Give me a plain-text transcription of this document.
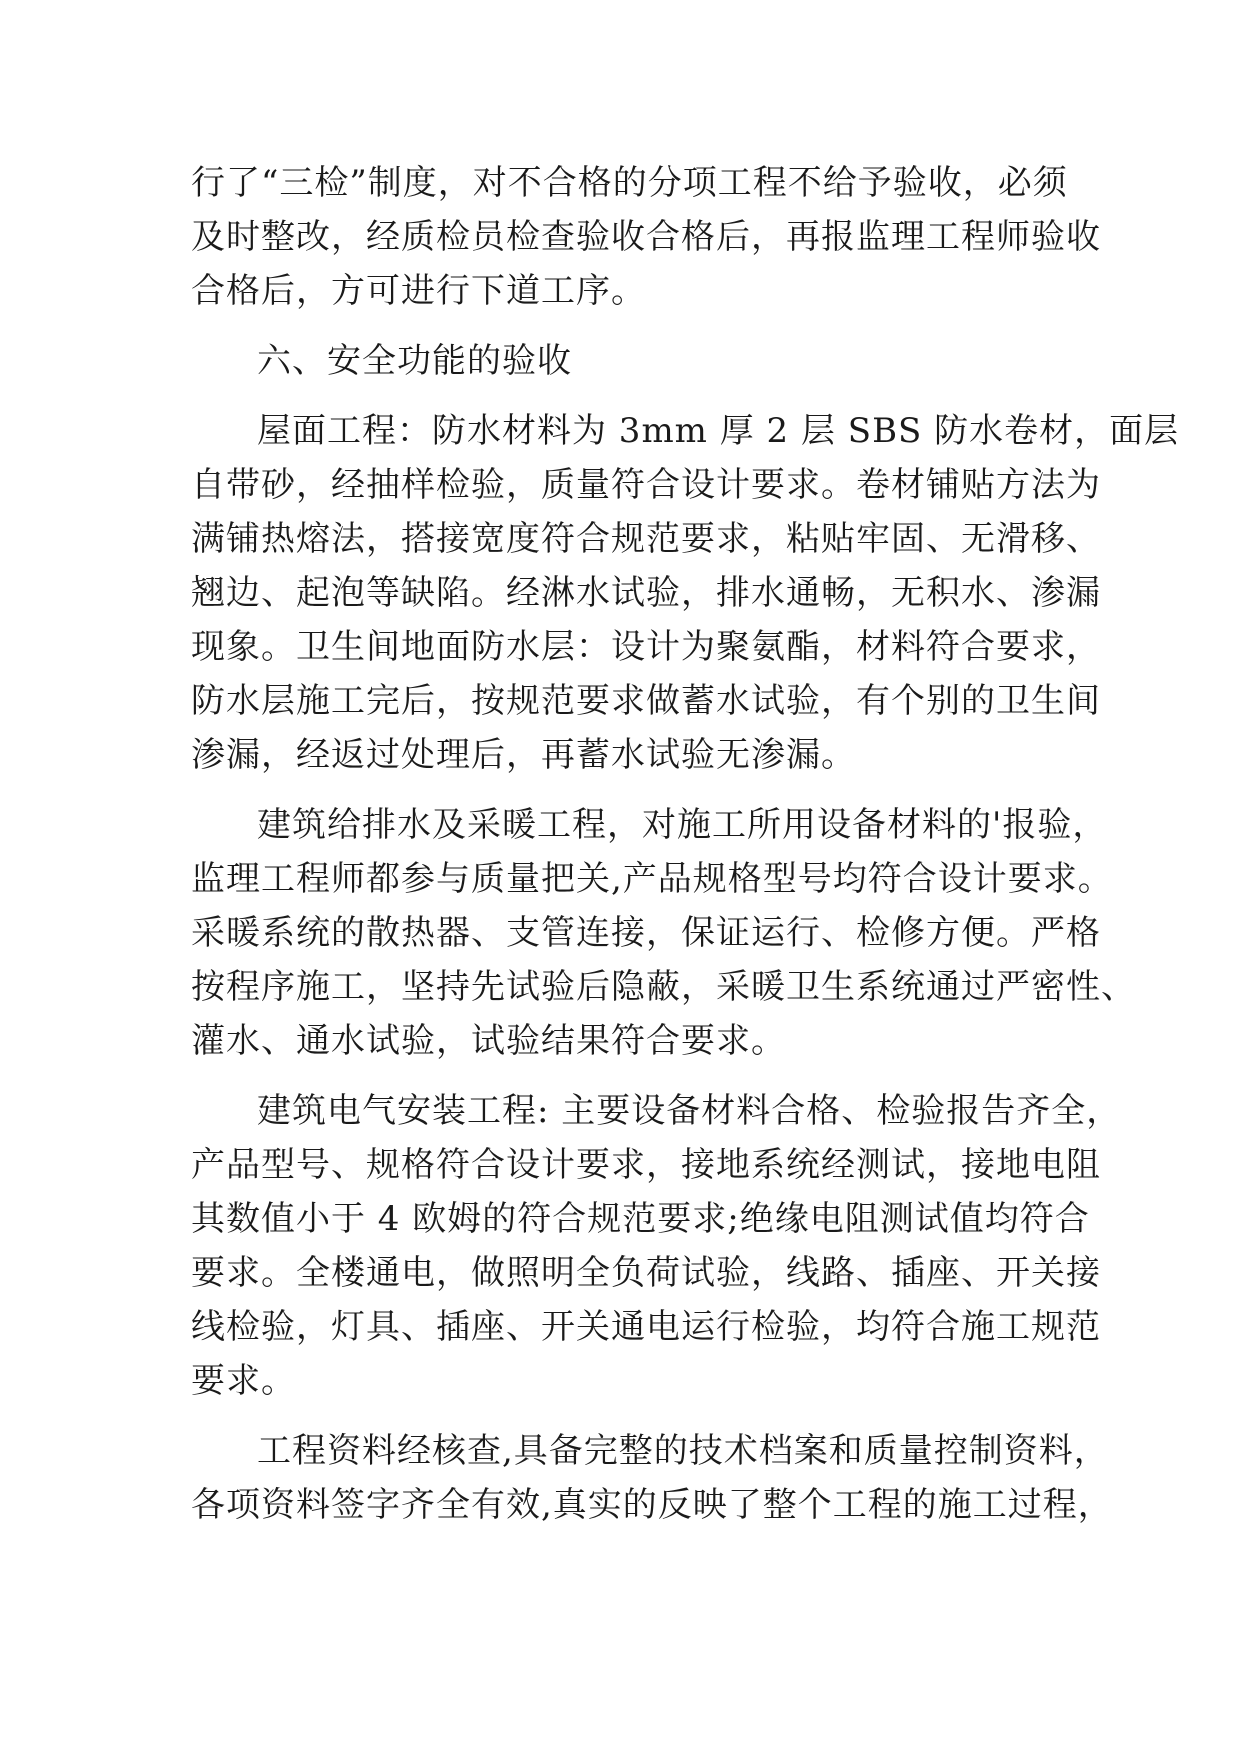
行了“三检”制度，对不合格的分项工程不给予验收，必须
及时整改，经质检员检查验收合格后，再报监理工程师验收
合格后，方可进行下道工序。
六、安全功能的验收
屋面工程：防水材料为 3mm 厚 2 层 SBS 防水卷材，面层
自带砂，经抽样检验，质量符合设计要求。卷材铺贴方法为
满铺热熔法，搭接宽度符合规范要求，粘贴牢固、无滑移、
翘边、起泡等缺陷。经淋水试验，排水通畅，无积水、渗漏
现象。卫生间地面防水层：设计为聚氨酯，材料符合要求，
防水层施工完后，按规范要求做蓄水试验，有个别的卫生间
渗漏，经返过处理后，再蓄水试验无渗漏。
建筑给排水及采暖工程，对施工所用设备材料的'报验，
监理工程师都参与质量把关,产品规格型号均符合设计要求。
采暖系统的散热器、支管连接，保证运行、检修方便。严格
按程序施工，坚持先试验后隐蔽，采暖卫生系统通过严密性、
灌水、通水试验，试验结果符合要求。
建筑电气安装工程: 主要设备材料合格、检验报告齐全，
产品型号、规格符合设计要求，接地系统经测试，接地电阻
其数值小于 4 欧姆的符合规范要求;绝缘电阻测试值均符合
要求。全楼通电，做照明全负荷试验，线路、插座、开关接
线检验，灯具、插座、开关通电运行检验，均符合施工规范
要求。
工程资料经核查,具备完整的技术档案和质量控制资料，
各项资料签字齐全有效,真实的反映了整个工程的施工过程，
